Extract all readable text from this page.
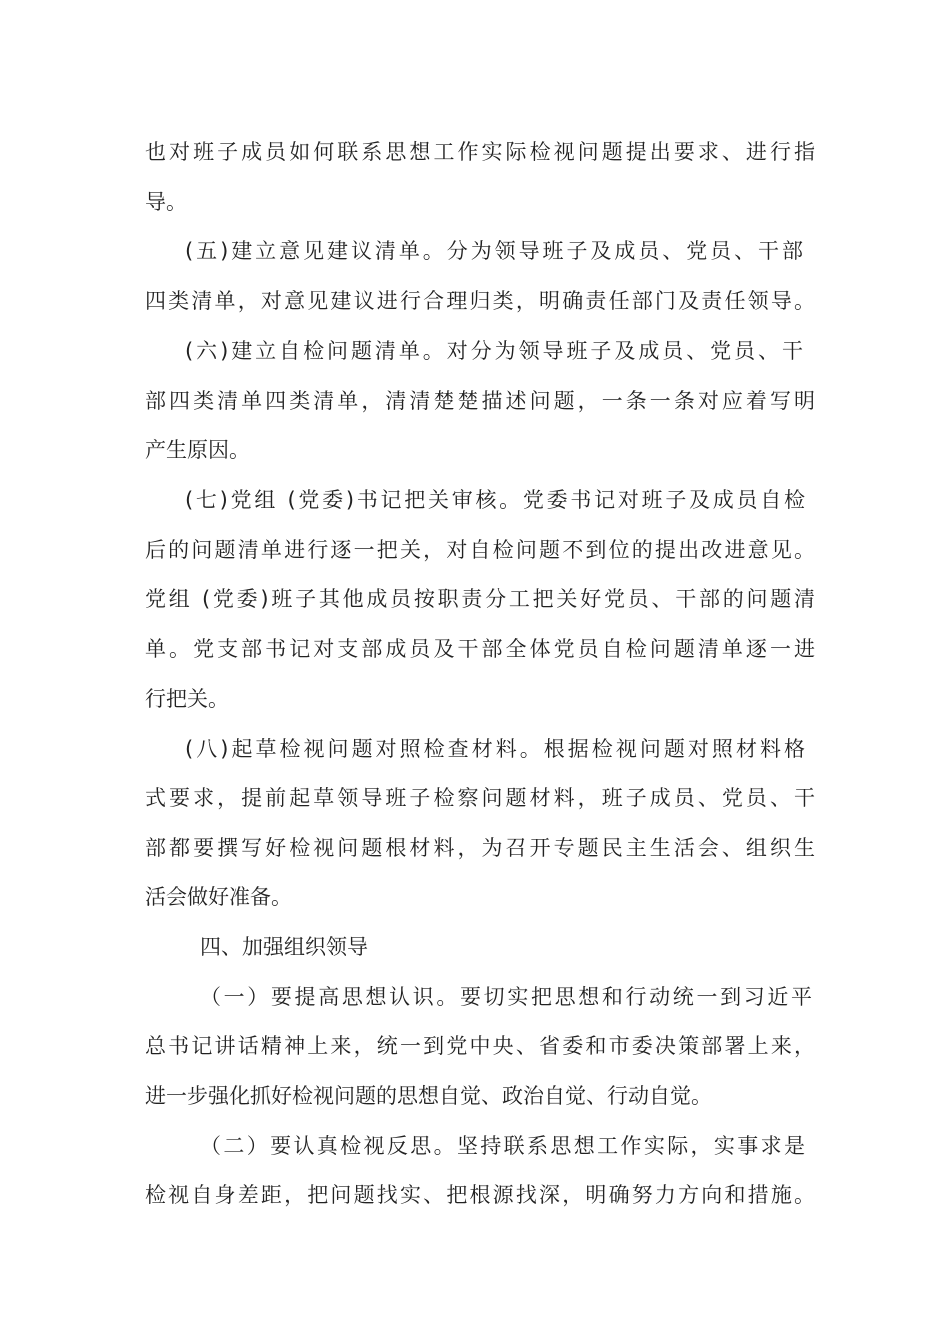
也对班子成员如何联系思想工作实际检视问题提出要求、进行指
导。
(五)建立意见建议清单。分为领导班子及成员、党员、干部
四类清单，对意见建议进行合理归类，明确责任部门及责任领导。
(六)建立自检问题清单。对分为领导班子及成员、党员、干
部四类清单四类清单，清清楚楚描述问题，一条一条对应着写明
产生原因。
(七)党组 (党委)书记把关审核。党委书记对班子及成员自检
后的问题清单进行逐一把关，对自检问题不到位的提出改进意见。
党组 (党委)班子其他成员按职责分工把关好党员、干部的问题清
单。党支部书记对支部成员及干部全体党员自检问题清单逐一进
行把关。
(八)起草检视问题对照检查材料。根据检视问题对照材料格
式要求，提前起草领导班子检察问题材料，班子成员、党员、干
部都要撰写好检视问题根材料，为召开专题民主生活会、组织生
活会做好准备。
四、加强组织领导
（一）要提高思想认识。要切实把思想和行动统一到习近平
总书记讲话精神上来，统一到党中央、省委和市委决策部署上来，
进一步强化抓好检视问题的思想自觉、政治自觉、行动自觉。
（二）要认真检视反思。坚持联系思想工作实际，实事求是
检视自身差距，把问题找实、把根源找深，明确努力方向和措施。
